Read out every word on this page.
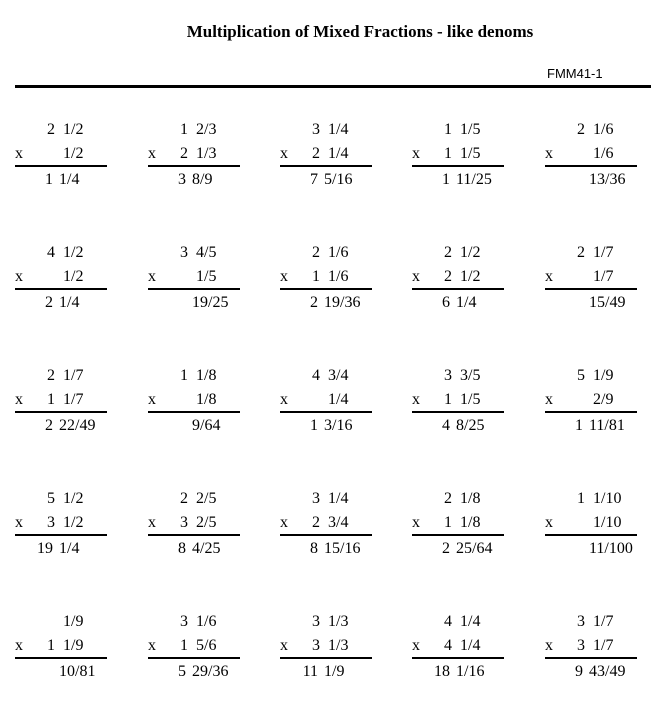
Multiplication of Mixed Fractions - like denoms
FMM41-1
2 1/2
x	1/2
1 1/4
1 2/3
x	2 1/3
3 8/9
3 1/4
x	2 1/4
7 5/16
1 1/5
x	1 1/5
1 11/25
2 1/6
x	1/6
13/36
4 1/2
x	1/2
2 1/4
3 4/5
x	1/5
19/25
2 1/6
x	1 1/6
2 19/36
2 1/2
x	2 1/2
6 1/4
2 1/7
x	1/7
15/49
2 1/7
x	1 1/7
2 22/49
1 1/8
x	1/8
9/64
4 3/4
x	1/4
1 3/16
3 3/5
x	1 1/5
4 8/25
5 1/9
x	2/9
1 11/81
5 1/2
x	3 1/2
19 1/4
2 2/5
x	3 2/5
8 4/25
3 1/4
x	2 3/4
8 15/16
2 1/8
x	1 1/8
2 25/64
1 1/10
x	1/10
11/100
1/9
x	1 1/9
10/81
3 1/6
x	1 5/6
5 29/36
3 1/3
x	3 1/3
11 1/9
4 1/4
x	4 1/4
18 1/16
3 1/7
x	3 1/7
9 43/49
